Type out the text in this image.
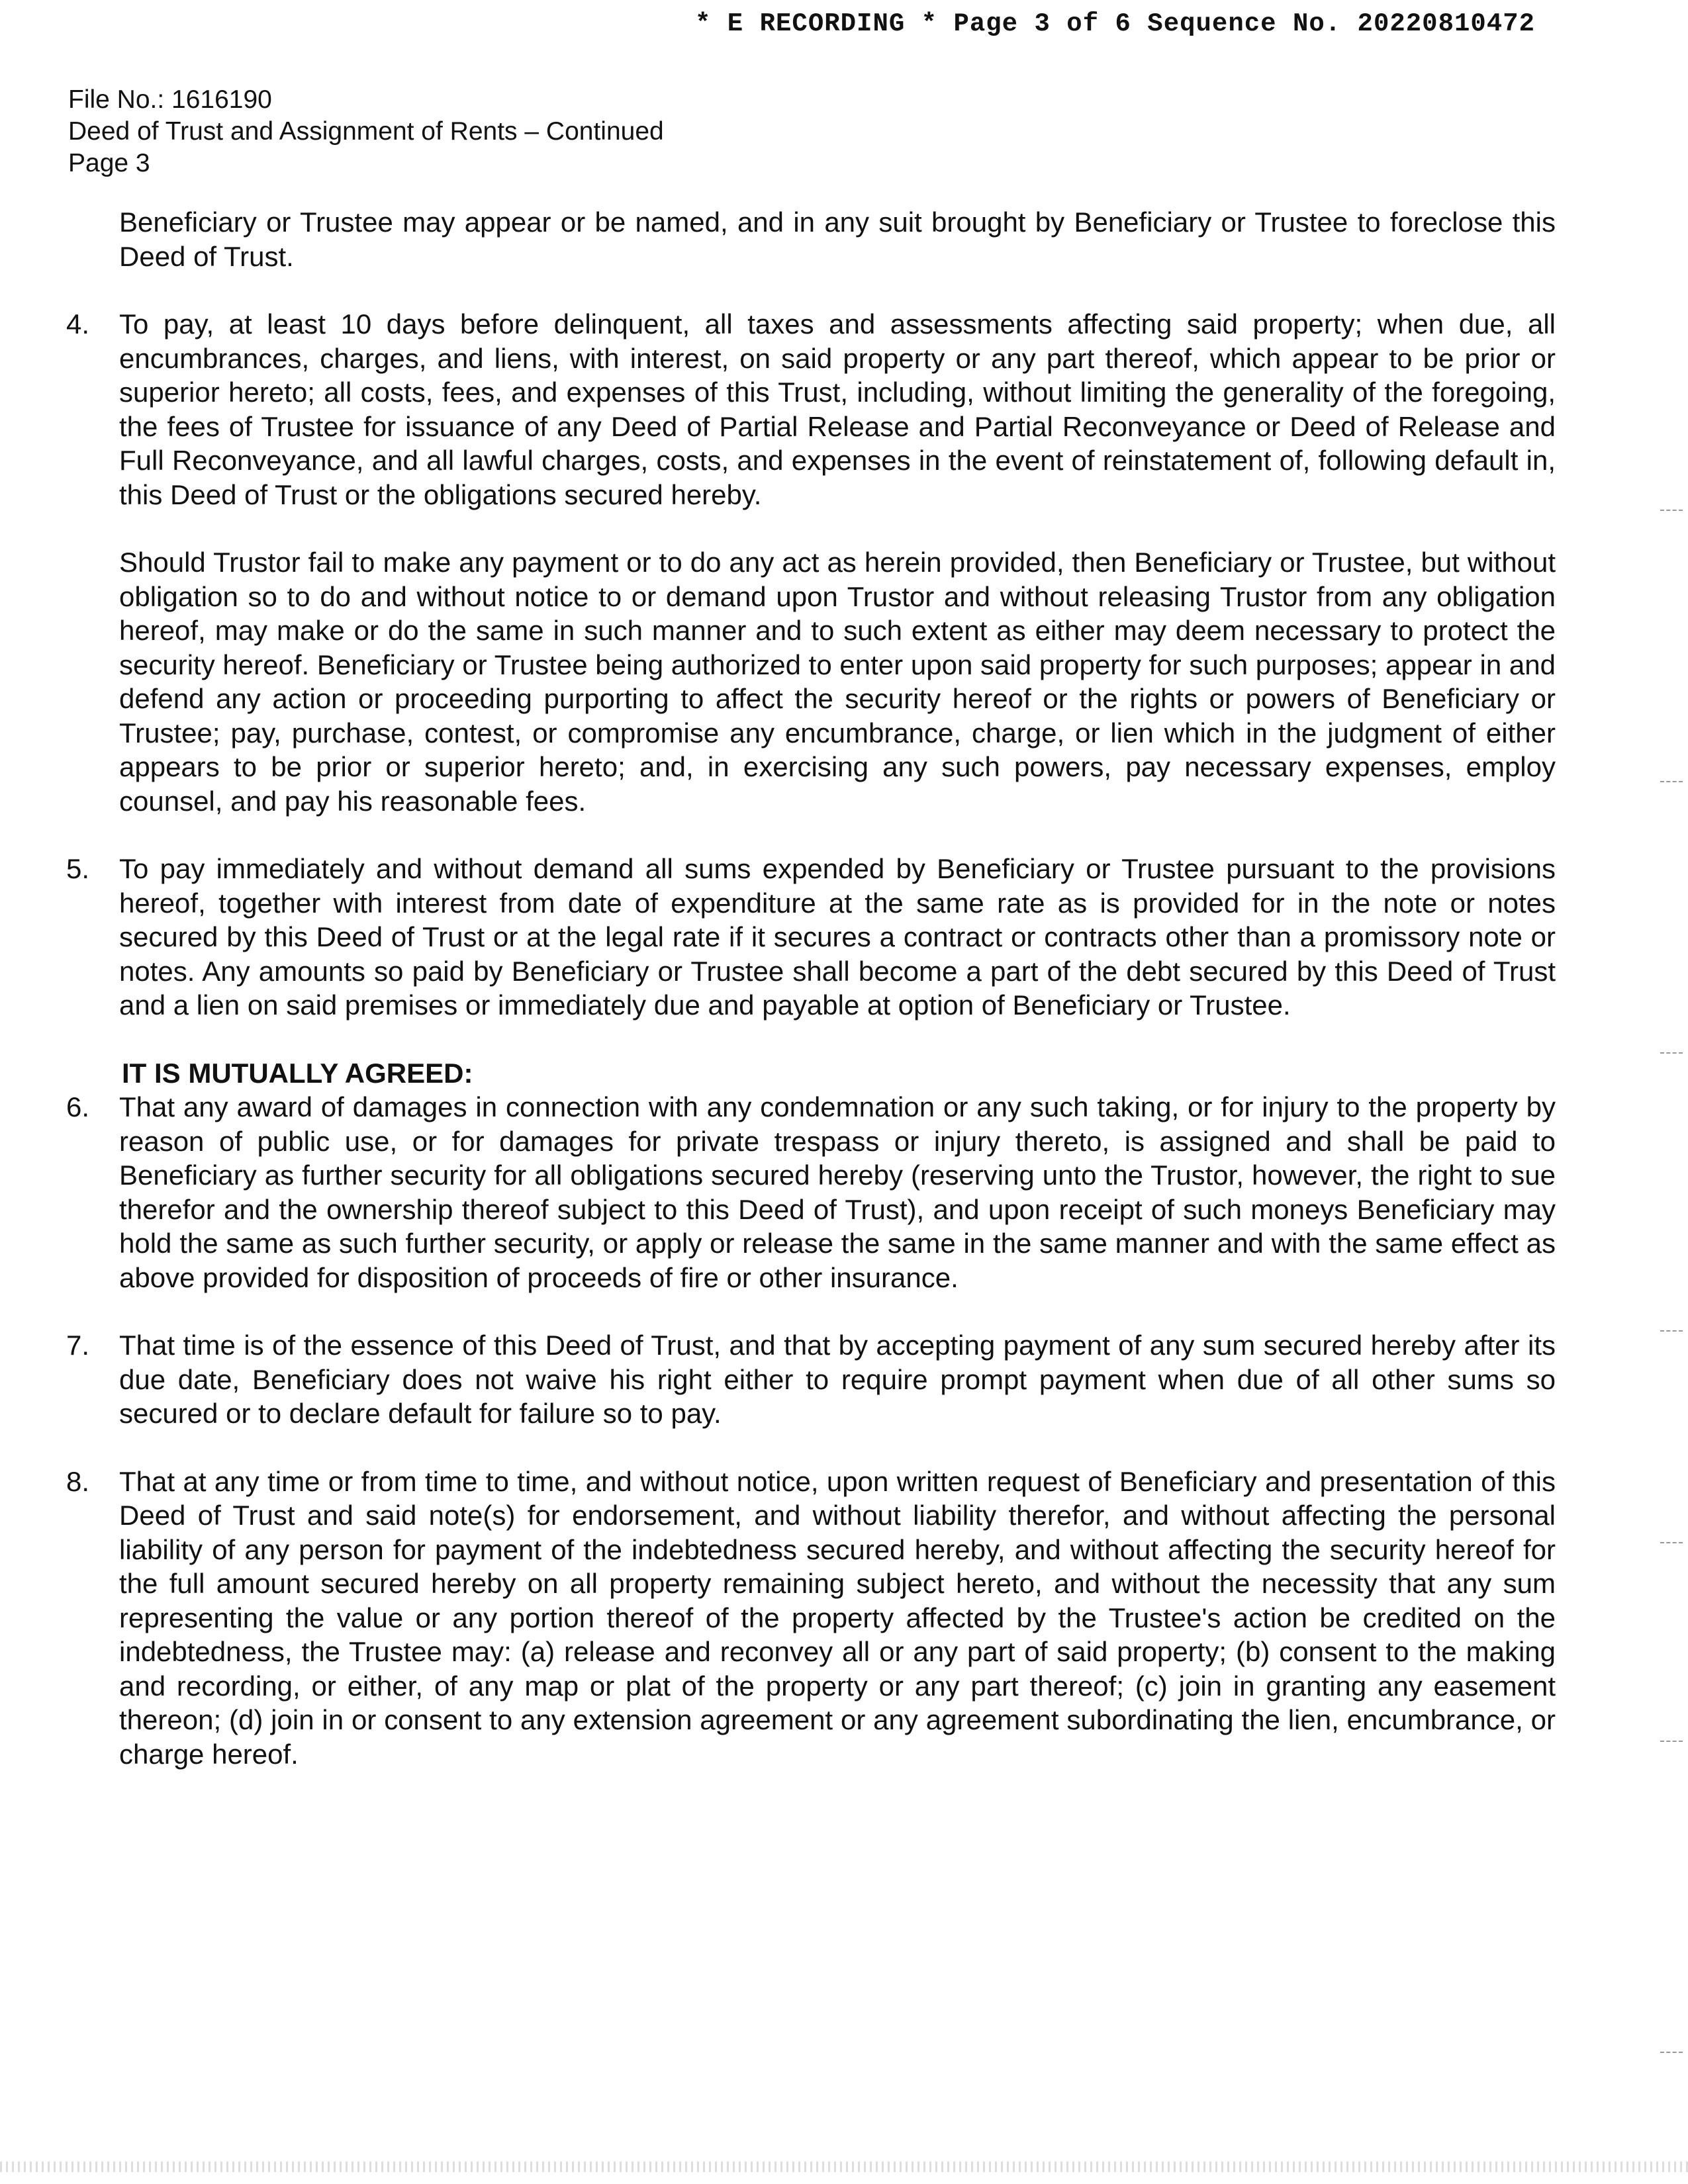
* E RECORDING * Page 3 of 6 Sequence No. 20220810472
File No.: 1616190
Deed of Trust and Assignment of Rents – Continued
Page 3

Beneficiary or Trustee may appear or be named, and in any suit brought by Beneficiary or Trustee to foreclose this Deed of Trust.

4. To pay, at least 10 days before delinquent, all taxes and assessments affecting said property; when due, all encumbrances, charges, and liens, with interest, on said property or any part thereof, which appear to be prior or superior hereto; all costs, fees, and expenses of this Trust, including, without limiting the generality of the foregoing, the fees of Trustee for issuance of any Deed of Partial Release and Partial Reconveyance or Deed of Release and Full Reconveyance, and all lawful charges, costs, and expenses in the event of reinstatement of, following default in, this Deed of Trust or the obligations secured hereby.

Should Trustor fail to make any payment or to do any act as herein provided, then Beneficiary or Trustee, but without obligation so to do and without notice to or demand upon Trustor and without releasing Trustor from any obligation hereof, may make or do the same in such manner and to such extent as either may deem necessary to protect the security hereof. Beneficiary or Trustee being authorized to enter upon said property for such purposes; appear in and defend any action or proceeding purporting to affect the security hereof or the rights or powers of Beneficiary or Trustee; pay, purchase, contest, or compromise any encumbrance, charge, or lien which in the judgment of either appears to be prior or superior hereto; and, in exercising any such powers, pay necessary expenses, employ counsel, and pay his reasonable fees.

5. To pay immediately and without demand all sums expended by Beneficiary or Trustee pursuant to the provisions hereof, together with interest from date of expenditure at the same rate as is provided for in the note or notes secured by this Deed of Trust or at the legal rate if it secures a contract or contracts other than a promissory note or notes. Any amounts so paid by Beneficiary or Trustee shall become a part of the debt secured by this Deed of Trust and a lien on said premises or immediately due and payable at option of Beneficiary or Trustee.

IT IS MUTUALLY AGREED:

6. That any award of damages in connection with any condemnation or any such taking, or for injury to the property by reason of public use, or for damages for private trespass or injury thereto, is assigned and shall be paid to Beneficiary as further security for all obligations secured hereby (reserving unto the Trustor, however, the right to sue therefor and the ownership thereof subject to this Deed of Trust), and upon receipt of such moneys Beneficiary may hold the same as such further security, or apply or release the same in the same manner and with the same effect as above provided for disposition of proceeds of fire or other insurance.

7. That time is of the essence of this Deed of Trust, and that by accepting payment of any sum secured hereby after its due date, Beneficiary does not waive his right either to require prompt payment when due of all other sums so secured or to declare default for failure so to pay.

8. That at any time or from time to time, and without notice, upon written request of Beneficiary and presentation of this Deed of Trust and said note(s) for endorsement, and without liability therefor, and without affecting the personal liability of any person for payment of the indebtedness secured hereby, and without affecting the security hereof for the full amount secured hereby on all property remaining subject hereto, and without the necessity that any sum representing the value or any portion thereof of the property affected by the Trustee's action be credited on the indebtedness, the Trustee may: (a) release and reconvey all or any part of said property; (b) consent to the making and recording, or either, of any map or plat of the property or any part thereof; (c) join in granting any easement thereon; (d) join in or consent to any extension agreement or any agreement subordinating the lien, encumbrance, or charge hereof.
